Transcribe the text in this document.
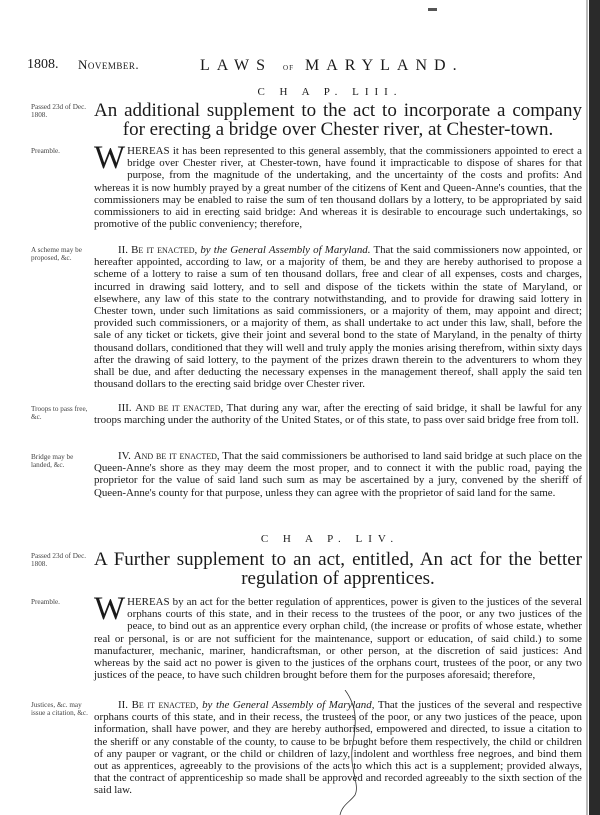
1808. November.	LAWS of MARYLAND.
C H A P. LIII.
Passed 23d of Dec. 1808.	An additional supplement to the act to incorporate a company for erecting a bridge over Chester river, at Chester-town.
Preamble.	WHEREAS it has been represented to this general assembly, that the commissioners appointed to erect a bridge over Chester river, at Chester-town, have found it impracticable to dispose of shares for that purpose, from the magnitude of the undertaking, and the uncertainty of the costs and profits: And whereas it is now humbly prayed by a great number of the citizens of Kent and Queen-Anne's counties, that the commissioners may be enabled to raise the sum of ten thousand dollars by a lottery, to be appropriated by said commissioners to aid in erecting said bridge: And whereas it is desirable to encourage such undertakings, so promotive of the public conveniency; therefore,
A scheme may be proposed, &c.
II. Be it enacted, by the General Assembly of Maryland. That the said commissioners now appointed, or hereafter appointed, according to law, or a majority of them, be and they are hereby authorised to propose a scheme of a lottery to raise a sum of ten thousand dollars, free and clear of all expenses, costs and charges, incurred in drawing said lottery, and to sell and dispose of the tickets within the state of Maryland, or elsewhere, any law of this state to the contrary notwithstanding, and to provide for drawing said lottery in Chester town, under such limitations as said commissioners, or a majority of them, may appoint and direct; provided such commissioners, or a majority of them, as shall undertake to act under this law, shall, before the sale of any ticket or tickets, give their joint and several bond to the state of Maryland, in the penalty of thirty thousand dollars, conditioned that they will well and truly apply the monies arising therefrom, within sixty days after the drawing of said lottery, to the payment of the prizes drawn therein to the adventurers to whom they shall be due, and after deducting the necessary expenses in the management thereof, shall apply the said ten thousand dollars to the erecting said bridge over Chester river.
Troops to pass free, &c.
III. And be it enacted, That during any war, after the erecting of said bridge, it shall be lawful for any troops marching under the authority of the United States, or of this state, to pass over said bridge free from toll.
Bridge may be landed, &c.
IV. And be it enacted, That the said commissioners be authorised to land said bridge at such place on the Queen-Anne's shore as they may deem the most proper, and to connect it with the public road, paying the proprietor for the value of said land such sum as may be ascertained by a jury, convened by the sheriff of Queen-Anne's county for that purpose, unless they can agree with the proprietor of said land for the same.
C H A P. LIV.
Passed 23d of Dec. 1808.	A Further supplement to an act, entitled, An act for the better regulation of apprentices.
Preamble.	WHEREAS by an act for the better regulation of apprentices, power is given to the justices of the several orphans courts of this state, and in their recess to the trustees of the poor, or any two justices of the peace, to bind out as an apprentice every orphan child, (the increase or profits of whose estate, whether real or personal, is or are not sufficient for the maintenance, support or education, of said child.) to some manufacturer, mechanic, mariner, handicraftsman, or other person, at the discretion of said justices: And whereas by the said act no power is given to the justices of the orphans court, trustees of the poor, or any two justices of the peace, to have such children brought before them for the purposes aforesaid; therefore,
Justices, &c. may issue a citation, &c.
II. Be it enacted, by the General Assembly of Maryland, That the justices of the several and respective orphans courts of this state, and in their recess, the trustees of the poor, or any two justices of the peace, upon information, shall have power, and they are hereby authorised, empowered and directed, to issue a citation to the sheriff or any constable of the county, to cause to be brought before them respectively, the child or children of any pauper or vagrant, or the child or children of lazy, indolent and worthless free negroes, and bind them out as apprentices, agreeably to the provisions of the acts to which this act is a supplement; provided always, that the contract of apprenticeship so made shall be approved and recorded agreeably to the sixth section of the said law.
